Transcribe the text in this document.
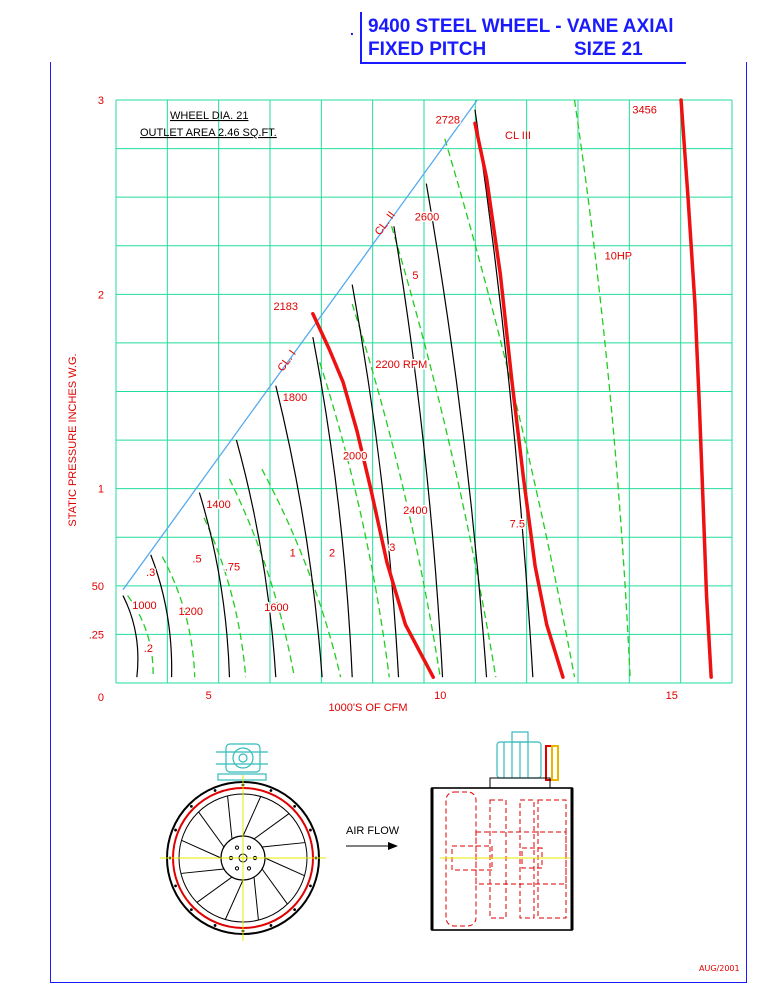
. 9400 STEEL WHEEL - VANE AXIAl
FIXED PITCH	SIZE 21
STATIC PRESSURE INCHES W.G.
1000'S OF CFM
WHEEL DIA. 21
OUTLET AREA 2.46 SQ.FT.
5	10	15
0
.25
50
1
2
3
CL. I
CL. II
CL III
1000 1200
1400
1600
1800
2000
2200 RPM
2400
2600
.2
.3
.5
.75
1	2	3
5
7.5
10HP
2183
2728
3456
AIR FLOW
AUG/2001
